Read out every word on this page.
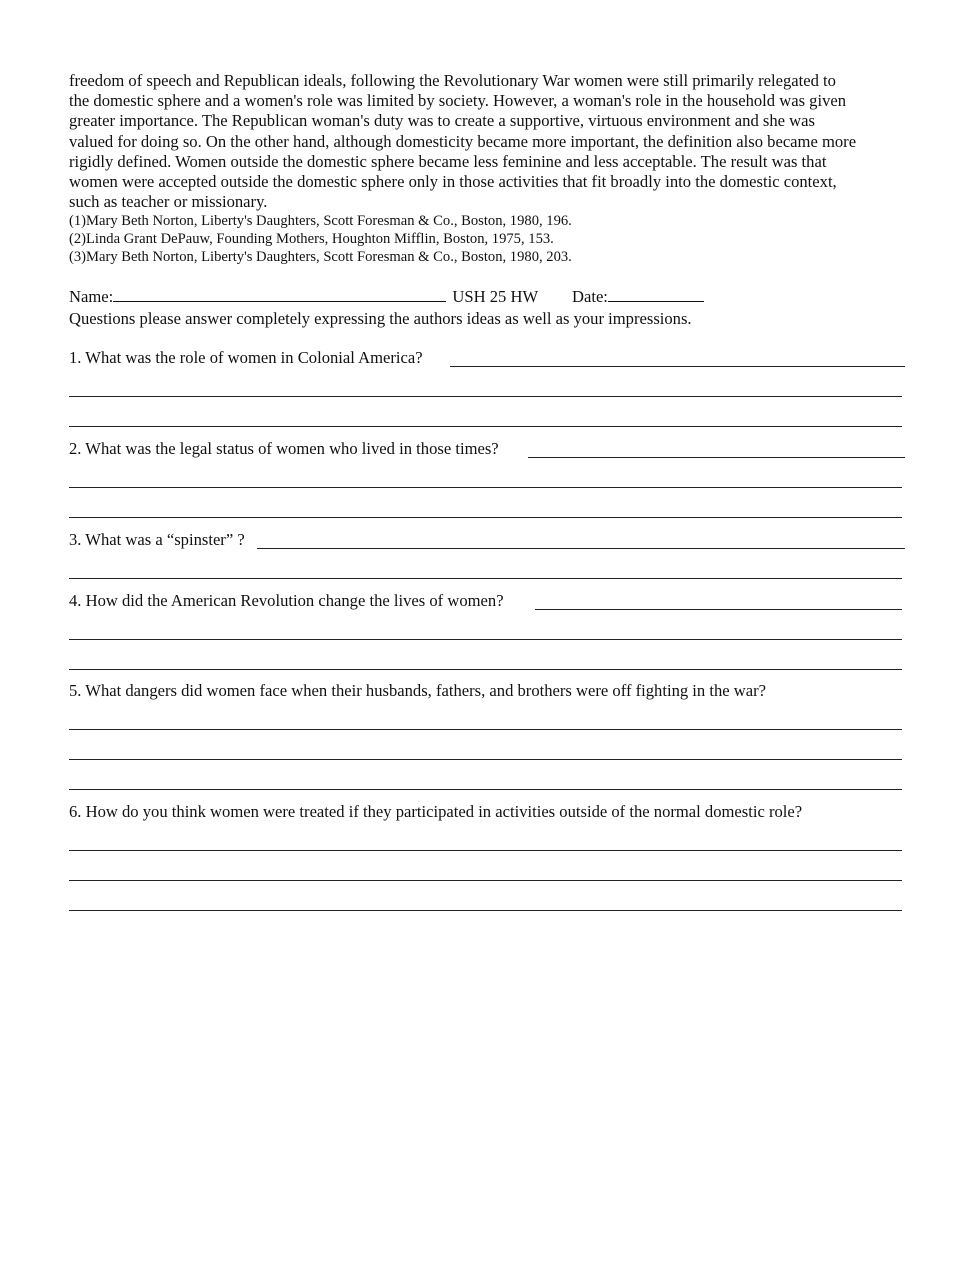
freedom of speech and Republican ideals, following the Revolutionary War women were still primarily relegated to
the domestic sphere and a women's role was limited by society. However, a woman's role in the household was given
greater importance. The Republican woman's duty was to create a supportive, virtuous environment and she was
valued for doing so. On the other hand, although domesticity became more important, the definition also became more
rigidly defined. Women outside the domestic sphere became less feminine and less acceptable. The result was that
women were accepted outside the domestic sphere only in those activities that fit broadly into the domestic context,
such as teacher or missionary.
(1)Mary Beth Norton, Liberty's Daughters, Scott Foresman & Co., Boston, 1980, 196.
(2)Linda Grant DePauw, Founding Mothers, Houghton Mifflin, Boston, 1975, 153.
(3)Mary Beth Norton, Liberty's Daughters, Scott Foresman & Co., Boston, 1980, 203.
Name:	USH 25 HW Date:
Questions please answer completely expressing the authors ideas as well as your impressions.
1. What was the role of women in Colonial America?
2. What was the legal status of women who lived in those times?
3. What was a “spinster” ?
4. How did the American Revolution change the lives of women?
5. What dangers did women face when their husbands, fathers, and brothers were off fighting in the war?
6. How do you think women were treated if they participated in activities outside of the normal domestic role?
